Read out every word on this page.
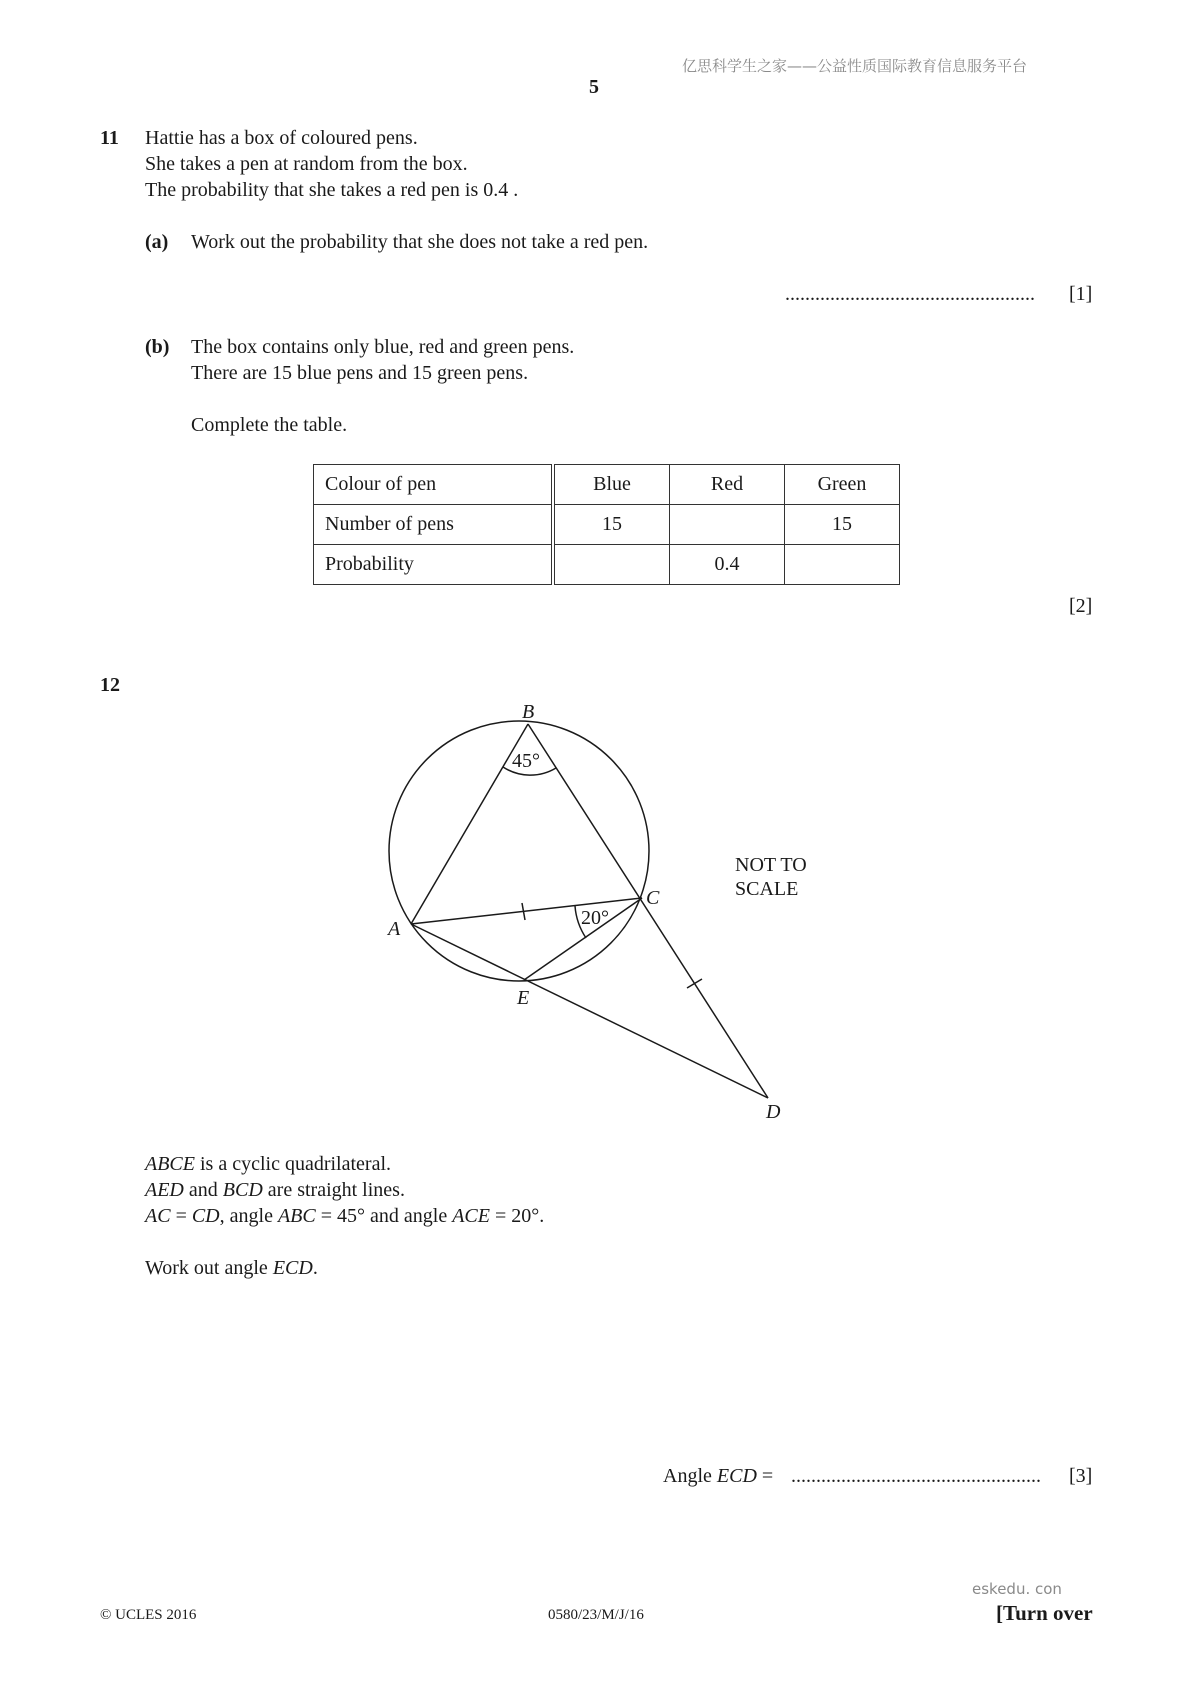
亿思科学生之家——公益性质国际教育信息服务平台
5
11 Hattie has a box of coloured pens.
She takes a pen at random from the box.
The probability that she takes a red pen is 0.4 .
(a) Work out the probability that she does not take a red pen.
.................................................. [1]
(b) The box contains only blue, red and green pens.
There are 15 blue pens and 15 green pens.
Complete the table.
Colour of pen	Blue	Red	Green
Number of pens	15		15
Probability		0.4	
[2]
12
B
A
C
E
D
45°
20°
NOT TO
SCALE
ABCE is a cyclic quadrilateral.
AED and BCD are straight lines.
AC = CD, angle ABC = 45° and angle ACE = 20°.
Work out angle ECD.
Angle ECD = .................................................. [3]
eskedu. con
© UCLES 2016	0580/23/M/J/16	[Turn over
